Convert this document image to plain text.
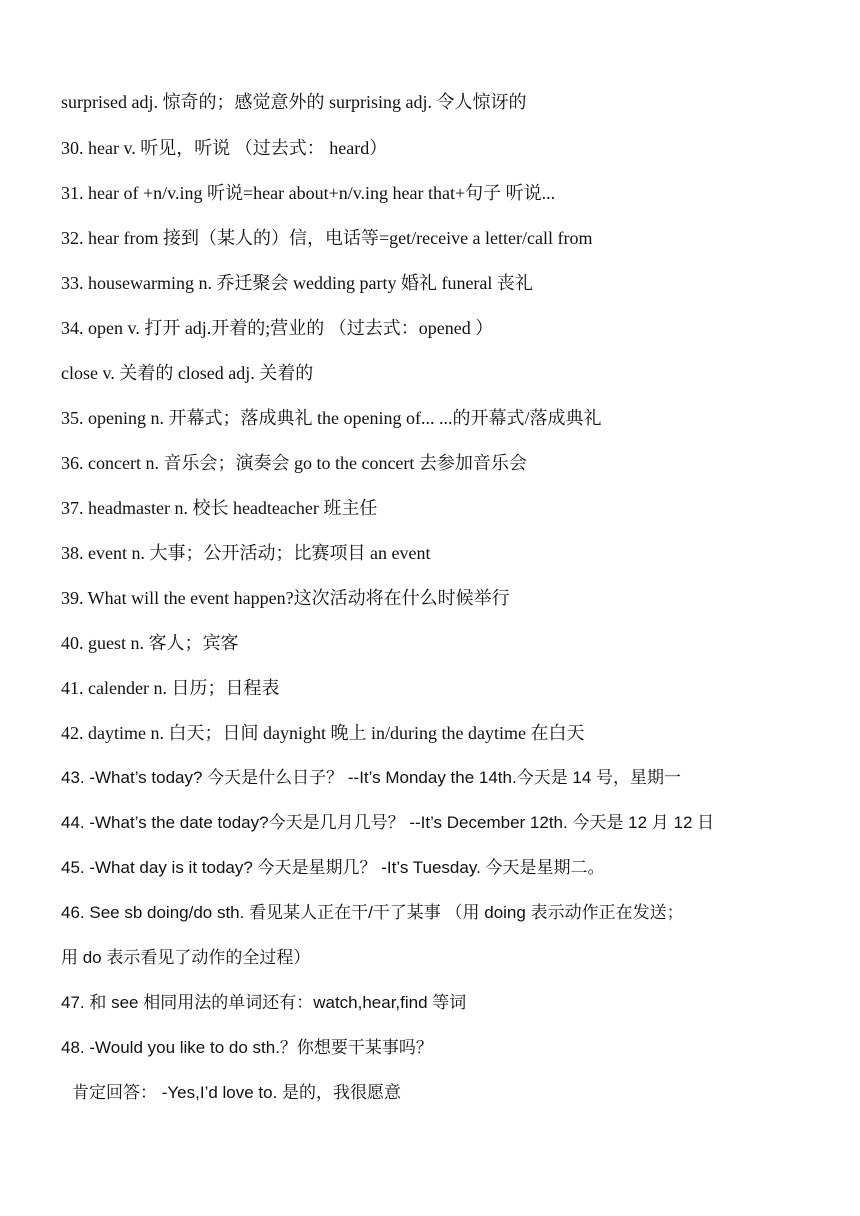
surprised adj. 惊奇的；感觉意外的 surprising adj. 令人惊讶的
30. hear v. 听见，听说 （过去式： heard）
31. hear of +n/v.ing 听说=hear about+n/v.ing hear that+句子 听说...
32. hear from 接到（某人的）信，电话等=get/receive a letter/call from
33. housewarming n. 乔迁聚会 wedding party 婚礼 funeral 丧礼
34. open v. 打开 adj.开着的;营业的 （过去式：opened ）
close v. 关着的 closed adj. 关着的
35. opening n. 开幕式；落成典礼 the opening of... ...的开幕式/落成典礼
36. concert n. 音乐会；演奏会 go to the concert 去参加音乐会
37. headmaster n. 校长 headteacher 班主任
38. event n. 大事；公开活动；比赛项目 an event
39. What will the event happen?这次活动将在什么时候举行
40. guest n. 客人；宾客
41. calender n. 日历；日程表
42. daytime n. 白天；日间 daynight 晚上 in/during the daytime 在白天
43. -What’s today? 今天是什么日子？ --It’s Monday the 14th.今天是 14 号，星期一
44. -What’s the date today?今天是几月几号？ --It’s December 12th. 今天是 12 月 12 日
45. -What day is it today? 今天是星期几？ -It’s Tuesday. 今天是星期二。
46. See sb doing/do sth. 看见某人正在干/干了某事 （用 doing 表示动作正在发送；
用 do 表示看见了动作的全过程）
47. 和 see 相同用法的单词还有：watch,hear,find 等词
48. -Would you like to do sth.？你想要干某事吗？
肯定回答： -Yes,I’d love to. 是的，我很愿意
